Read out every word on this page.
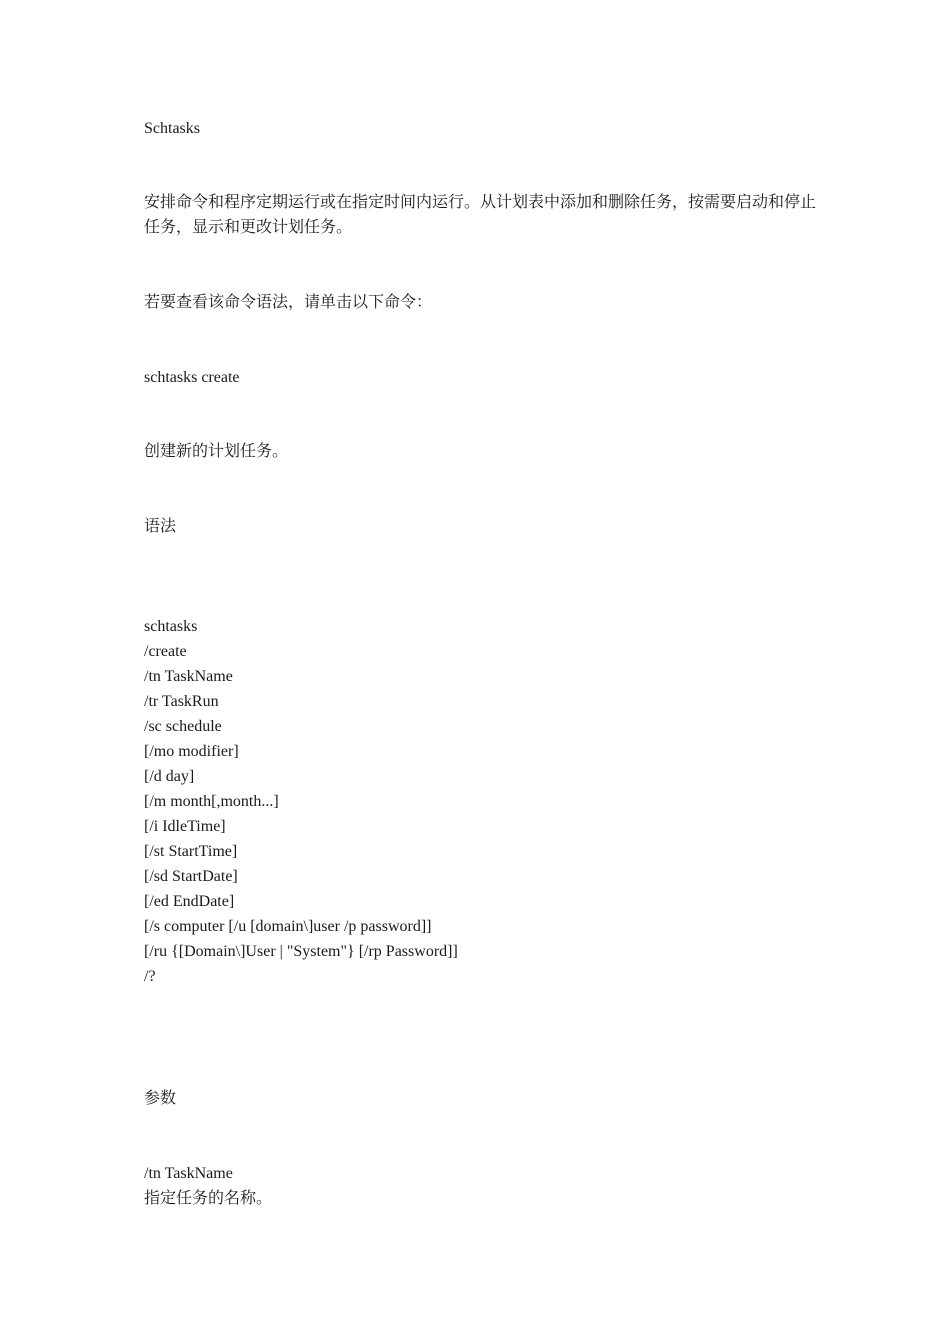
Schtasks

安排命令和程序定期运行或在指定时间内运行。从计划表中添加和删除任务，按需要启动和停止任务，显示和更改计划任务。

若要查看该命令语法，请单击以下命令：

schtasks create

创建新的计划任务。

语法

schtasks
/create
/tn TaskName
/tr TaskRun
/sc schedule
[/mo modifier]
[/d day]
[/m month[,month...]
[/i IdleTime]
[/st StartTime]
[/sd StartDate]
[/ed EndDate]
[/s computer [/u [domain\]user /p password]]
[/ru {[Domain\]User | "System"} [/rp Password]]
/?

参数

/tn TaskName

指定任务的名称。
